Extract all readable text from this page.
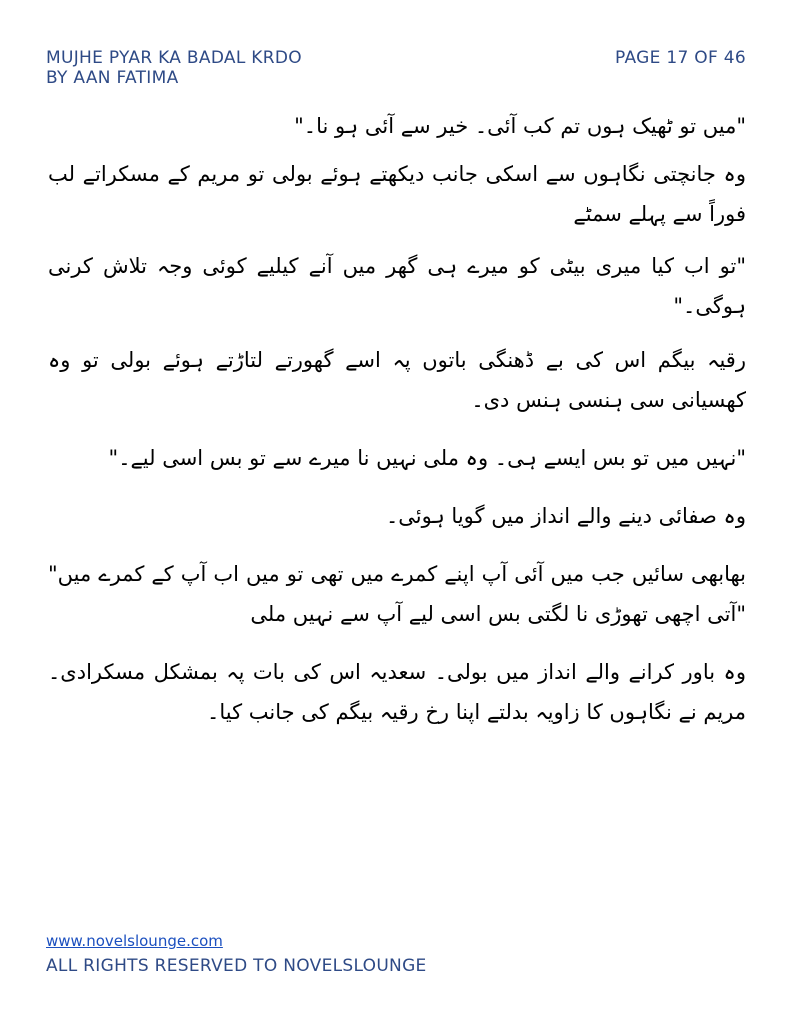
MUJHE PYAR KA BADAL KRDO
BY AAN FATIMA
PAGE 17 OF 46

"میں تو ٹھیک ہوں تم کب آئی۔ خیر سے آئی ہو نا۔"

وہ جانچتی نگاہوں سے اسکی جانب دیکھتے ہوئے بولی تو مریم کے مسکراتے لب فوراً سے پہلے سمٹے

"تو اب کیا میری بیٹی کو میرے ہی گھر میں آنے کیلیے کوئی وجہ تلاش کرنی ہوگی۔"

رقیہ بیگم اس کی بے ڈھنگی باتوں پہ اسے گھورتے لتاڑتے ہوئے بولی تو وہ کھسیانی سی ہنسی ہنس دی۔

"نہیں میں تو بس ایسے ہی۔ وہ ملی نہیں نا میرے سے تو بس اسی لیے۔"

وہ صفائی دینے والے انداز میں گویا ہوئی۔

بھابھی سائیں جب میں آئی آپ اپنے کمرے میں تھی تو میں اب آپ کے کمرے میں" "آتی اچھی تھوڑی نا لگتی بس اسی لیے آپ سے نہیں ملی

وہ باور کرانے والے انداز میں بولی۔ سعدیہ اس کی بات پہ بمشکل مسکرادی۔ مریم نے نگاہوں کا زاویہ بدلتے اپنا رخ رقیہ بیگم کی جانب کیا۔

www.novelslounge.com
ALL RIGHTS RESERVED TO NOVELSLOUNGE
